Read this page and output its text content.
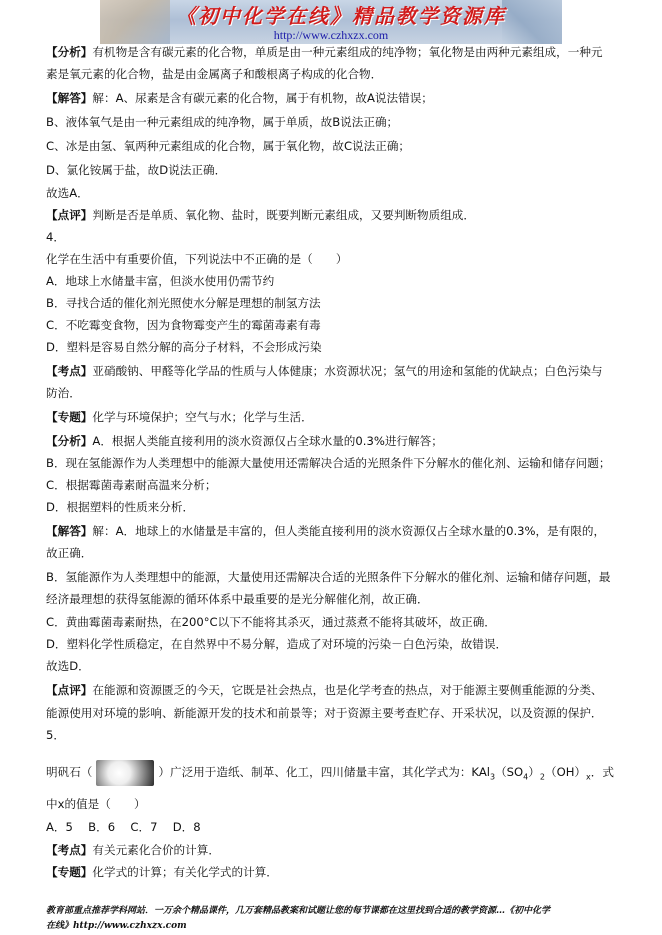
《初中化学在线》精品教学资源库
http://www.czhxzx.com
【分析】有机物是含有碳元素的化合物，单质是由一种元素组成的纯净物；氧化物是由两种元素组成，一种元
素是氧元素的化合物，盐是由金属离子和酸根离子构成的化合物．
【解答】解：A、尿素是含有碳元素的化合物，属于有机物，故A说法错误；
B、液体氧气是由一种元素组成的纯净物，属于单质，故B说法正确；
C、冰是由氢、氧两种元素组成的化合物，属于氧化物，故C说法正确；
D、氯化铵属于盐，故D说法正确．
故选A．
【点评】判断是否是单质、氧化物、盐时，既要判断元素组成，又要判断物质组成．
4．
化学在生活中有重要价值，下列说法中不正确的是（　　）
A．地球上水储量丰富，但淡水使用仍需节约
B．寻找合适的催化剂光照使水分解是理想的制氢方法
C．不吃霉变食物，因为食物霉变产生的霉菌毒素有毒
D．塑料是容易自然分解的高分子材料，不会形成污染
【考点】亚硝酸钠、甲醛等化学品的性质与人体健康；水资源状况；氢气的用途和氢能的优缺点；白色污染与
防治．
【专题】化学与环境保护；空气与水；化学与生活．
【分析】A．根据人类能直接利用的淡水资源仅占全球水量的0.3%进行解答；
B．现在氢能源作为人类理想中的能源大量使用还需解决合适的光照条件下分解水的催化剂、运输和储存问题；
C．根据霉菌毒素耐高温来分析；
D．根据塑料的性质来分析．
【解答】解：A．地球上的水储量是丰富的，但人类能直接利用的淡水资源仅占全球水量的0.3%，是有限的，
故正确．
B．氢能源作为人类理想中的能源，大量使用还需解决合适的光照条件下分解水的催化剂、运输和储存问题，最
经济最理想的获得氢能源的循环体系中最重要的是光分解催化剂，故正确．
C．黄曲霉菌毒素耐热，在200°C以下不能将其杀灭，通过蒸煮不能将其破坏，故正确．
D．塑料化学性质稳定，在自然界中不易分解，造成了对环境的污染－白色污染，故错误．
故选D．
【点评】在能源和资源匮乏的今天，它既是社会热点，也是化学考查的热点，对于能源主要侧重能源的分类、
能源使用对环境的影响、新能源开发的技术和前景等；对于资源主要考查贮存、开采状况，以及资源的保护．
5．
明矾石（	）广泛用于造纸、制革、化工，四川储量丰富，其化学式为：$KAl_3(SO_4)_2(OH)_x$．式
中x的值是（　　）
A．5　 B．6　 C．7　 D．8
【考点】有关元素化合价的计算．
【专题】化学式的计算；有关化学式的计算．
教育部重点推荐学科网站．一万余个精品课件，几万套精品教案和试题让您的每节课都在这里找到合适的教学资源…《初中化学
在线》http://www.czhxzx.com
